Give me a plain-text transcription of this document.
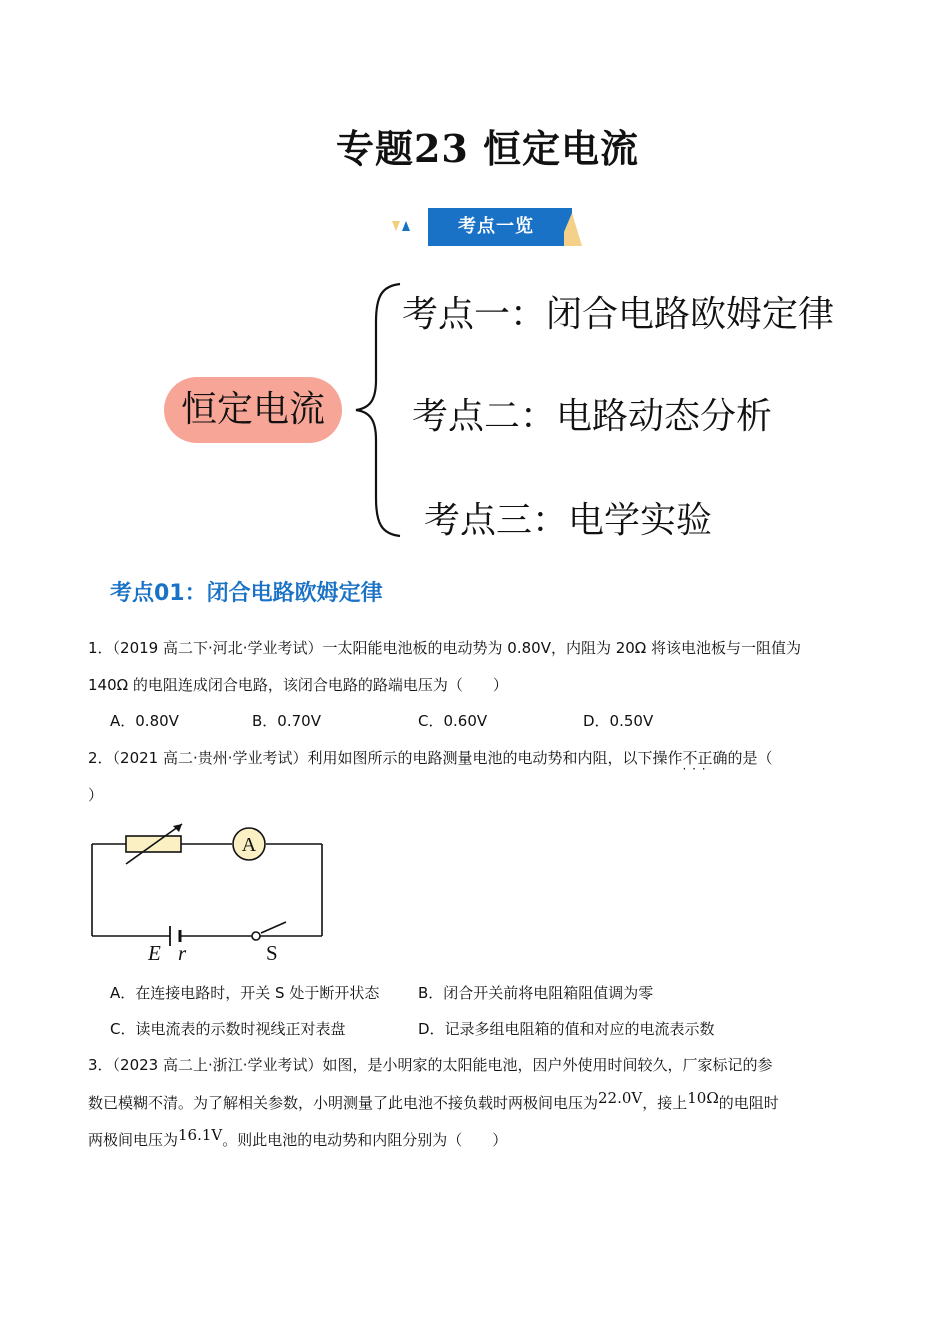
专题23 恒定电流
考点一览
恒定电流
考点一：闭合电路欧姆定律
考点二：电路动态分析
考点三：电学实验
考点01：闭合电路欧姆定律
1．（2019 高二下·河北·学业考试）一太阳能电池板的电动势为 0.80V，内阻为 20Ω 将该电池板与一阻值为
140Ω 的电阻连成闭合电路，该闭合电路的路端电压为（　　）
A．0.80V	B．0.70V	C．0.60V	D．0.50V
2．（2021 高二·贵州·学业考试）利用如图所示的电路测量电池的电动势和内阻，以下操作不正确 · · ·的是（
）
A
E r	S
A．在连接电路时，开关 S 处于断开状态	B．闭合开关前将电阻箱阻值调为零
C．读电流表的示数时视线正对表盘	D．记录多组电阻箱的值和对应的电流表示数
3．（2023 高二上·浙江·学业考试）如图，是小明家的太阳能电池，因户外使用时间较久，厂家标记的参
数已模糊不清。为了解相关参数，小明测量了此电池不接负载时两极间电压为22.0V，接上10Ω的电阻时
两极间电压为16.1V。则此电池的电动势和内阻分别为（　　）
